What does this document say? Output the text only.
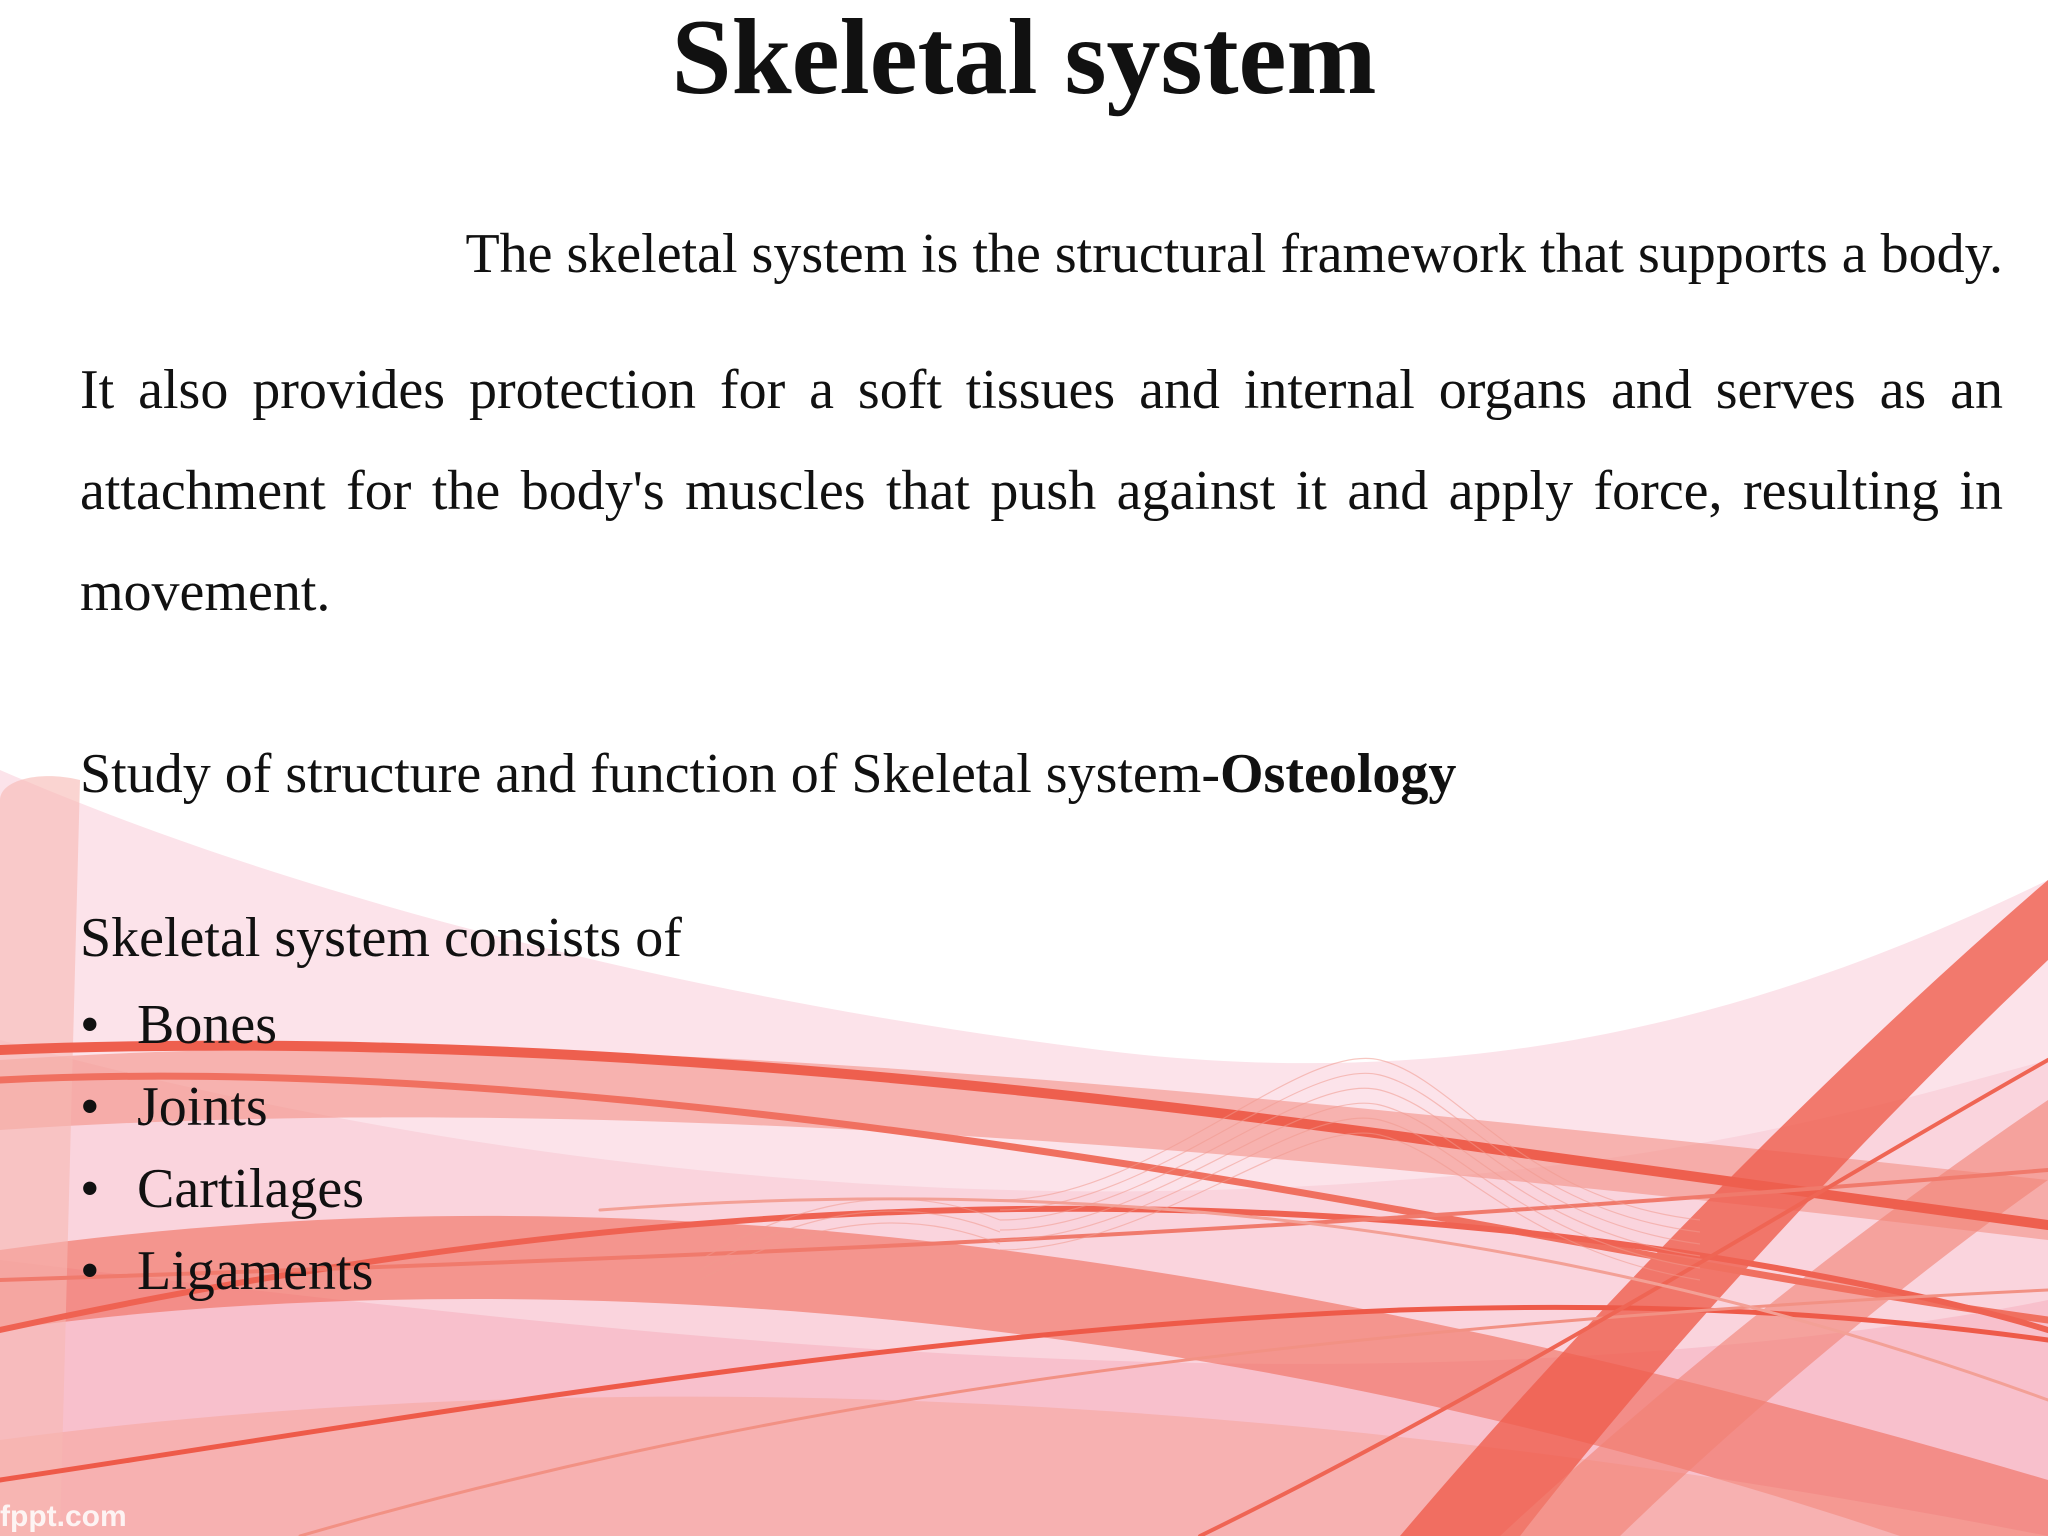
Skeletal system

The skeletal system is the structural framework that supports a body.

It also provides protection for a soft tissues and internal organs and serves as an attachment for the body's muscles that push against it and apply force, resulting in movement.

Study of structure and function of Skeletal system-Osteology

Skeletal system consists of

• Bones
• Joints
• Cartilages
• Ligaments
fppt.com
